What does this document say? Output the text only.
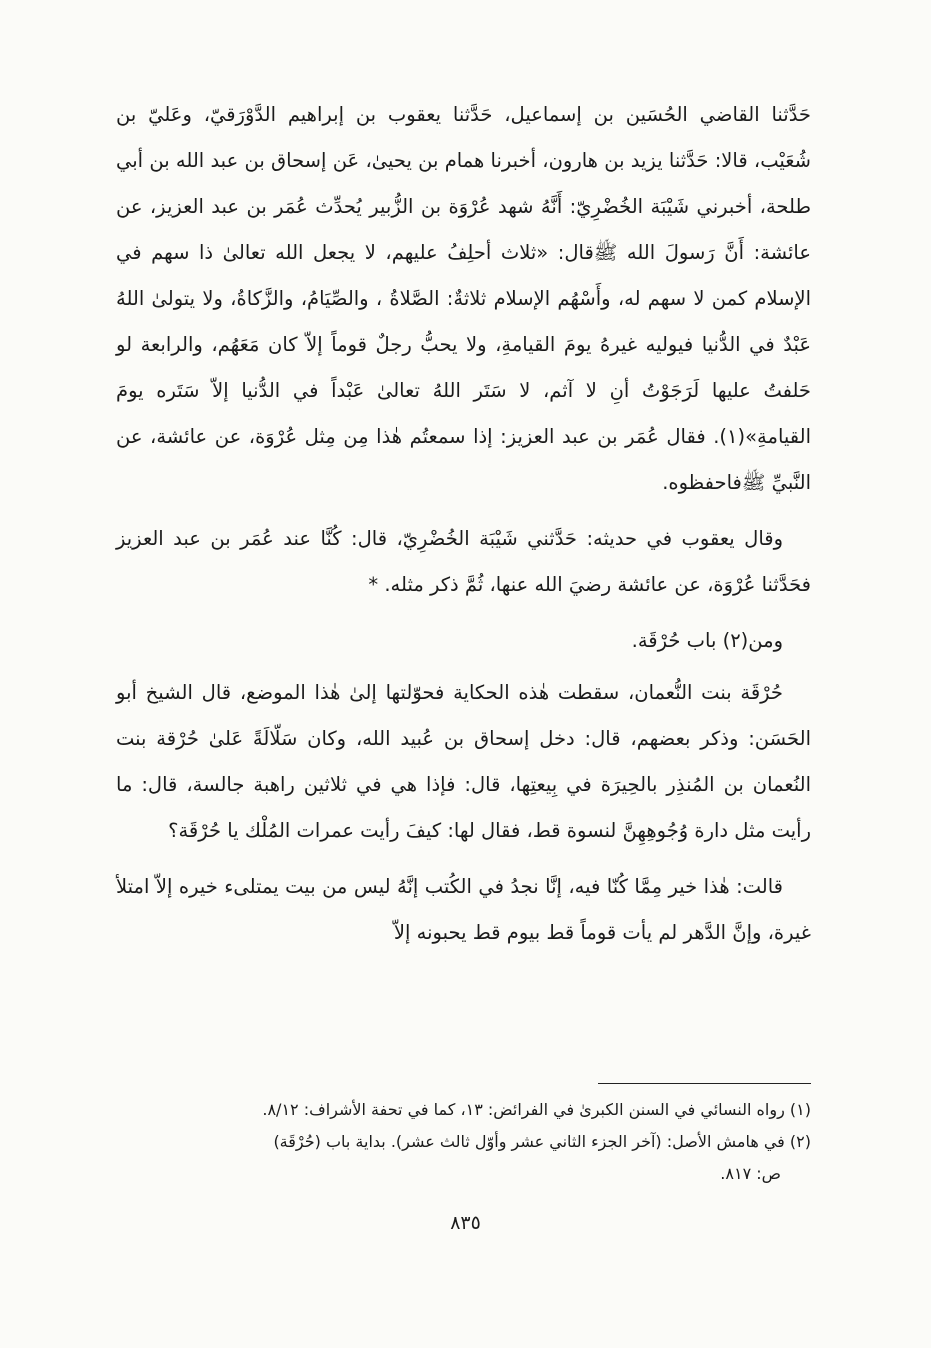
حَدَّثنا القاضي الحُسَين بن إسماعيل، حَدَّثنا يعقوب بن إبراهيم الدَّوْرَقيّ، وعَليّ بن شُعَيْب، قالا: حَدَّثنا يزيد بن هارون، أخبرنا همام بن يحيىٰ، عَن إسحاق بن عبد الله بن أبي طلحة، أخبرني شَيْبَة الخُضْرِيّ: أَنَّهُ شهد عُرْوَة بن الزُّبير يُحدِّث عُمَر بن عبد العزيز، عن عائشة: أَنَّ رَسولَ الله ﷺقال: «ثلاث أحلِفُ عليهم، لا يجعل الله تعالىٰ ذا سهم في الإسلام كمن لا سهم له، وأَسْهُم الإسلام ثلاثةٌ: الصَّلاةُ ، والصِّيَامُ، والزَّكاةُ، ولا يتولىٰ اللهُ عَبْدٌ في الدُّنيا فيوليه غيرهُ يومَ القيامةِ، ولا يحبُّ رجلٌ قوماً إلاّ كان مَعَهُم، والرابعة لو حَلفتُ عليها لَرَجَوْتُ أنِ لا آثم، لا سَتَر اللهُ تعالىٰ عَبْداً في الدُّنيا إلاّ سَتَره يومَ القيامةِ»(١). فقال عُمَر بن عبد العزيز: إذا سمعتُم هٰذا مِن مِثل عُرْوَة، عن عائشة، عن النَّبيِّ ﷺفاحفظوه.

وقال يعقوب في حديثه: حَدَّثني شَيْبَة الخُضْرِيّ، قال: كُنَّا عند عُمَر بن عبد العزيز فحَدَّثنا عُرْوَة، عن عائشة رضيَ الله عنها، ثُمَّ ذكر مثله. *

ومن(٢) باب حُرْقَة.

حُرْقَة بنت النُّعمان، سقطت هٰذه الحكاية فحوّلتها إلىٰ هٰذا الموضع، قال الشيخ أبو الحَسَن: وذكر بعضهم، قال: دخل إسحاق بن عُبيد الله، وكان سَلّالَةً عَلىٰ حُرْقة بنت النُعمان بن المُنذِر بالحِيرَة في بِيعتِها، قال: فإذا هي في ثلاثين راهبة جالسة، قال: ما رأيت مثل دارة وُجُوهِهِنَّ لنسوة قط، فقال لها: كيفَ رأيت عمرات المُلْك يا حُرْقَة؟

قالت: هٰذا خير مِمَّا كُنّا فيه، إنَّا نجدُ في الكُتب إنَّهُ ليس من بيت يمتلىء خيره إلاّ امتلأ غيرة، وإنَّ الدَّهر لم يأت قوماً قط بيوم قط يحبونه إلاّ

(١) رواه النسائي في السنن الكبرىٰ في الفرائض: ١٣، كما في تحفة الأشراف: ٨/١٢.

(٢) في هامش الأصل: (آخر الجزء الثاني عشر وأوّل ثالث عشر). بداية باب (حُرْقَة)

ص: ٨١٧.

٨٣٥
